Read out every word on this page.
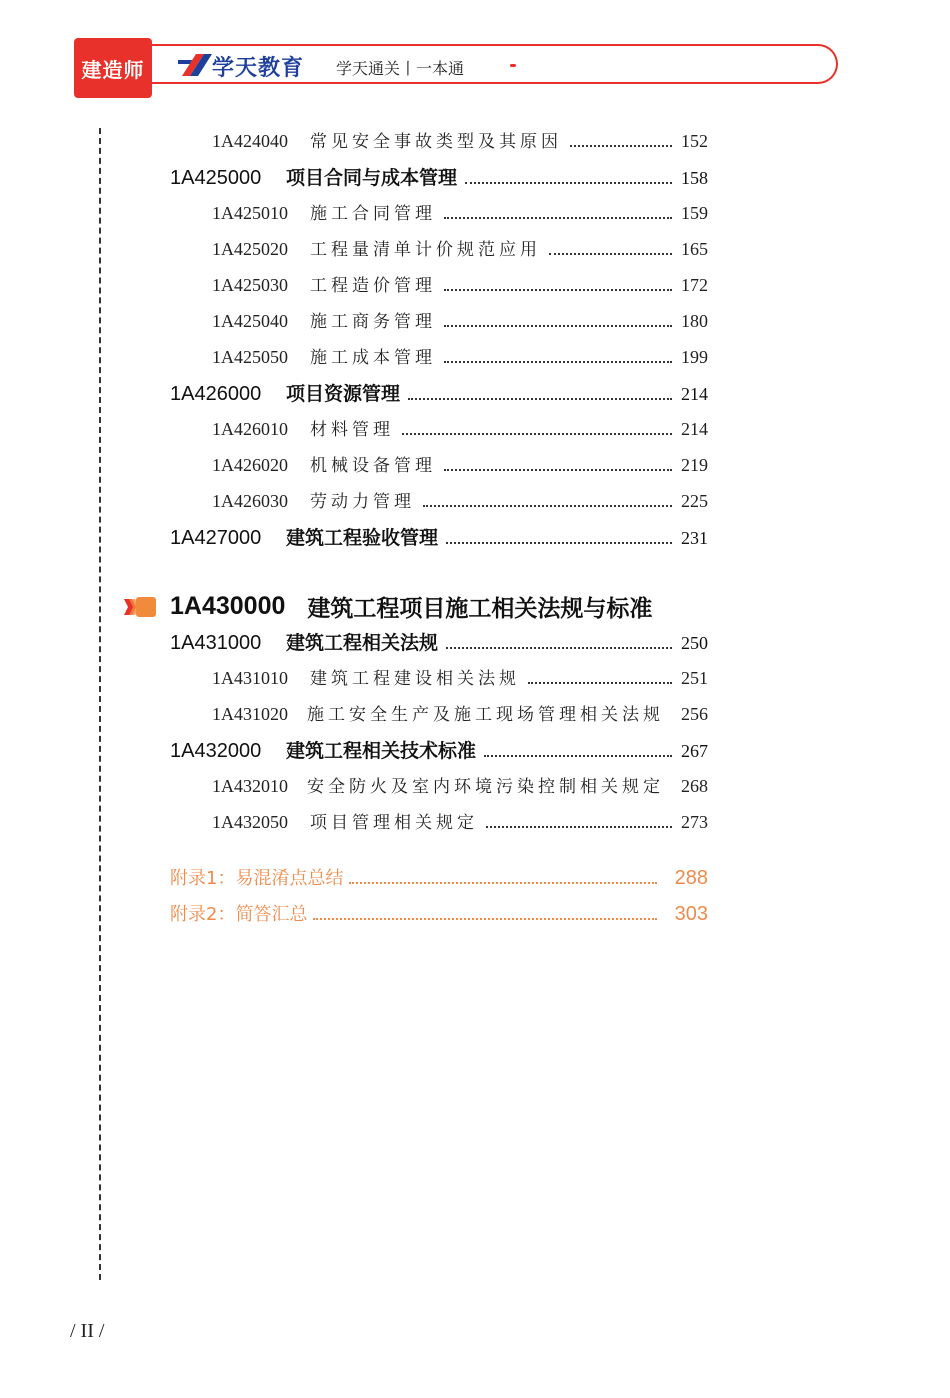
建造师	学天教育 学天通关丨一本通
1A424040	常见安全事故类型及其原因	152
1A425000	项目合同与成本管理	158
1A425010	施工合同管理	159
1A425020	工程量清单计价规范应用	165
1A425030	工程造价管理	172
1A425040	施工商务管理	180
1A425050	施工成本管理	199
1A426000	项目资源管理	214
1A426010	材料管理	214
1A426020	机械设备管理	219
1A426030	劳动力管理	225
1A427000	建筑工程验收管理	231
1A430000 建筑工程项目施工相关法规与标准
1A431000	建筑工程相关法规	250
1A431010	建筑工程建设相关法规	251
1A431020	施工安全生产及施工现场管理相关法规 256
1A432000	建筑工程相关技术标准	267
1A432010	安全防火及室内环境污染控制相关规定 268
1A432050	项目管理相关规定	273
附录1：易混淆点总结	288
附录2：简答汇总	303
/ II /
